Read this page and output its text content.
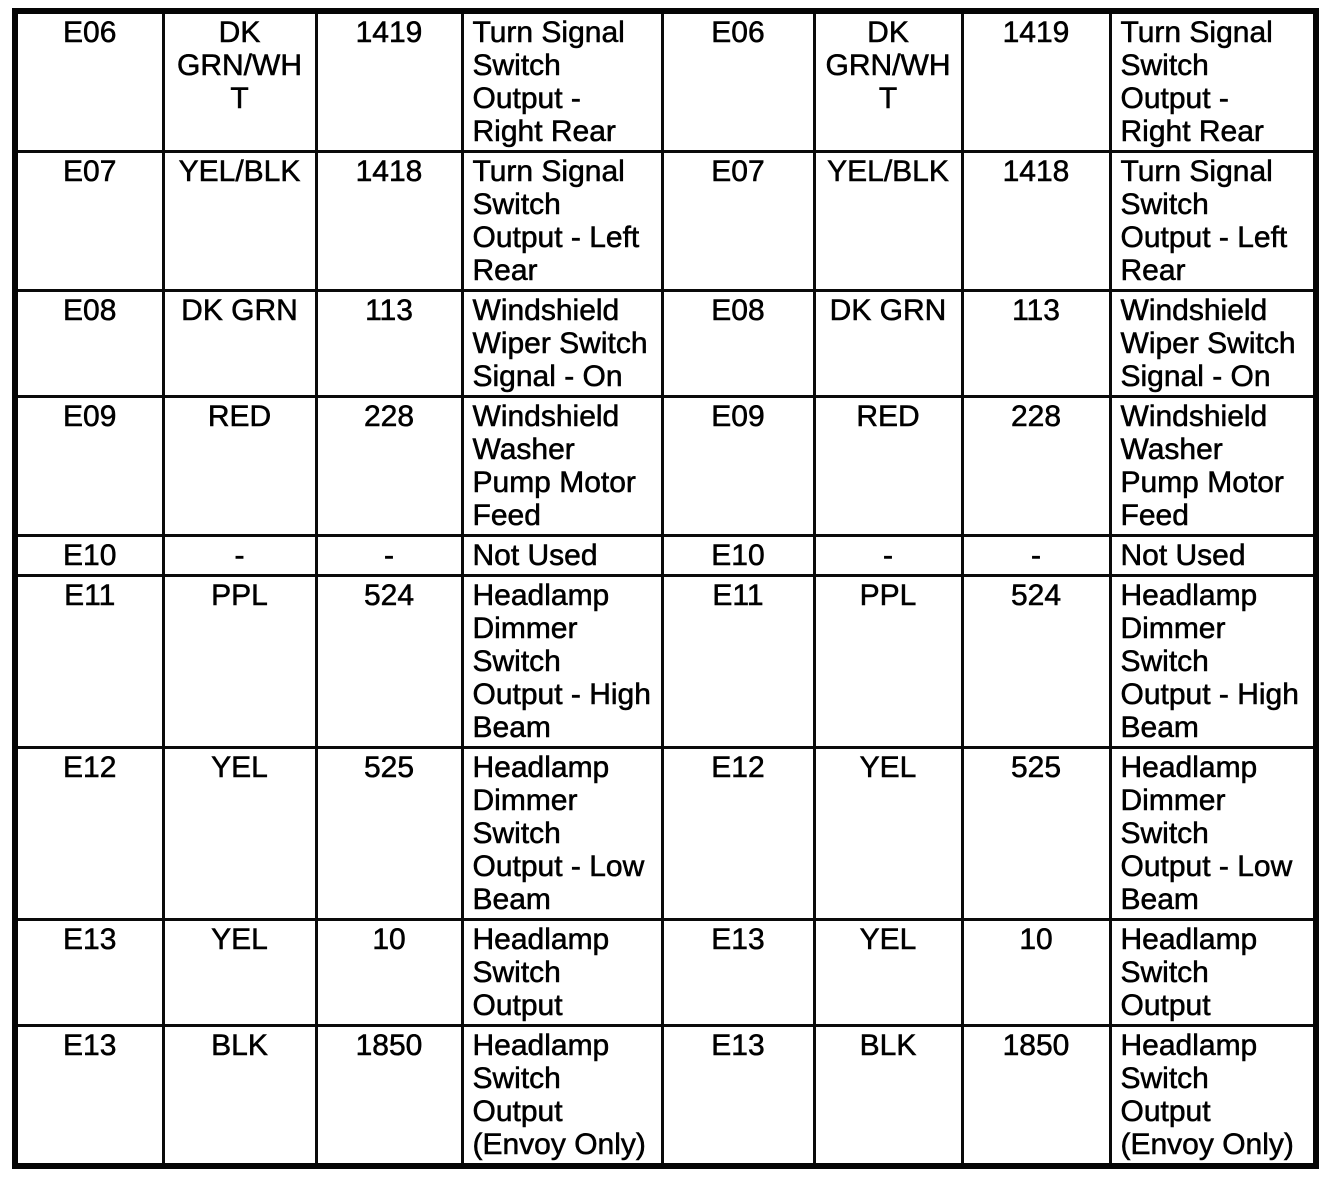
E06	DK GRN/WHT	1419	Turn Signal Switch Output - Right Rear	E06	DK GRN/WHT	1419	Turn Signal Switch Output - Right Rear

E07	YEL/BLK	1418	Turn Signal Switch Output - Left Rear	E07	YEL/BLK	1418	Turn Signal Switch Output - Left Rear

E08	DK GRN	113	Windshield Wiper Switch Signal - On	E08	DK GRN	113	Windshield Wiper Switch Signal - On

E09	RED	228	Windshield Washer Pump Motor Feed	E09	RED	228	Windshield Washer Pump Motor Feed

E10	-	-	Not Used	E10	-	-	Not Used

E11	PPL	524	Headlamp Dimmer Switch Output - High Beam	E11	PPL	524	Headlamp Dimmer Switch Output - High Beam

E12	YEL	525	Headlamp Dimmer Switch Output - Low Beam	E12	YEL	525	Headlamp Dimmer Switch Output - Low Beam

E13	YEL	10	Headlamp Switch Output	E13	YEL	10	Headlamp Switch Output

E13	BLK	1850	Headlamp Switch Output (Envoy Only)	E13	BLK	1850	Headlamp Switch Output (Envoy Only)
